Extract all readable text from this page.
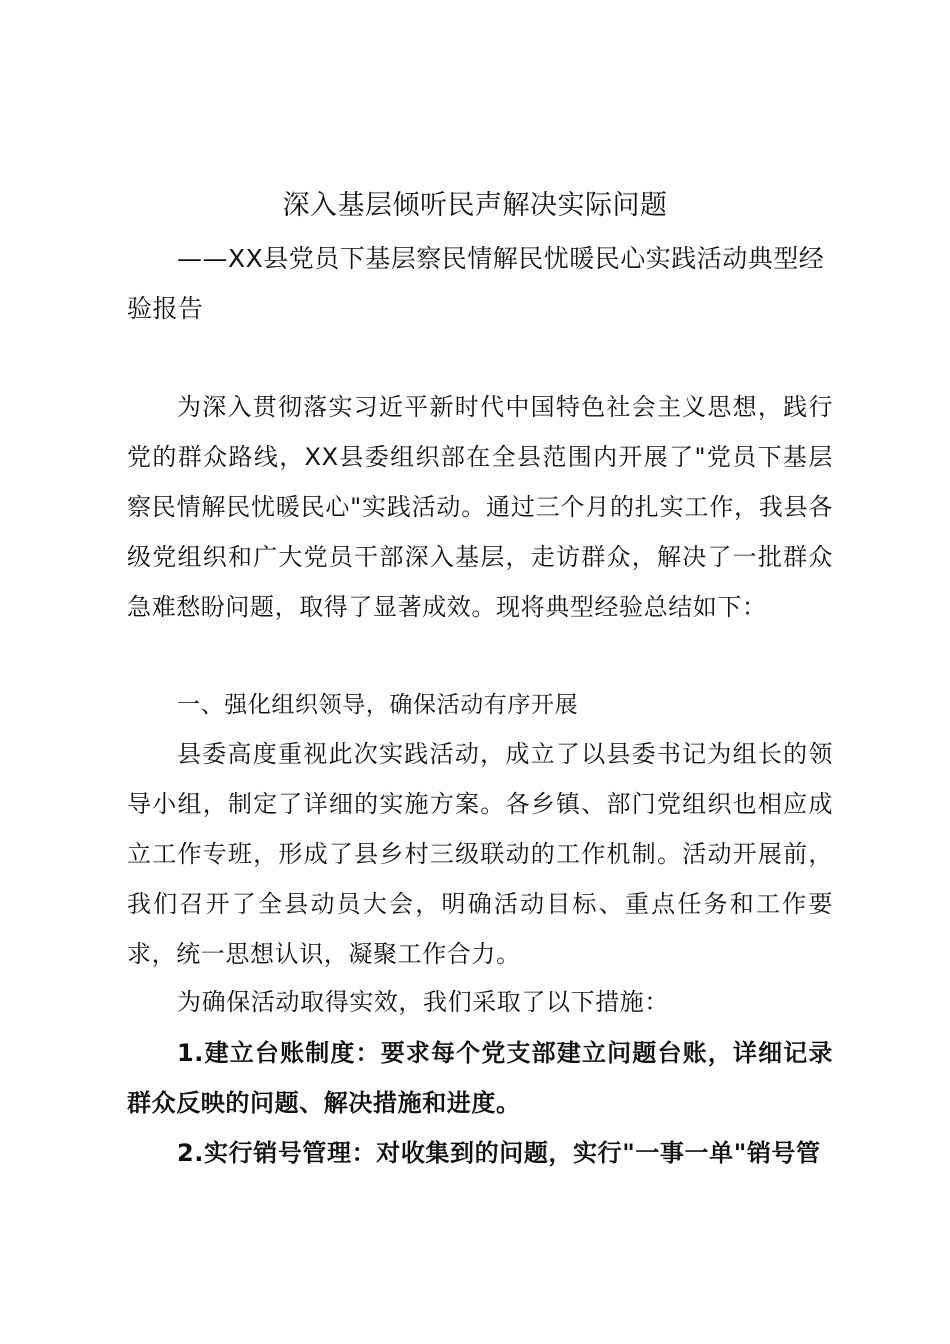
深入基层倾听民声解决实际问题

——XX县党员下基层察民情解民忧暖民心实践活动典型经验报告

为深入贯彻落实习近平新时代中国特色社会主义思想，践行党的群众路线，XX县委组织部在全县范围内开展了"党员下基层察民情解民忧暖民心"实践活动。通过三个月的扎实工作，我县各级党组织和广大党员干部深入基层，走访群众，解决了一批群众急难愁盼问题，取得了显著成效。现将典型经验总结如下：

一、强化组织领导，确保活动有序开展

县委高度重视此次实践活动，成立了以县委书记为组长的领导小组，制定了详细的实施方案。各乡镇、部门党组织也相应成立工作专班，形成了县乡村三级联动的工作机制。活动开展前，我们召开了全县动员大会，明确活动目标、重点任务和工作要求，统一思想认识，凝聚工作合力。

为确保活动取得实效，我们采取了以下措施：

1.建立台账制度：要求每个党支部建立问题台账，详细记录群众反映的问题、解决措施和进度。

2.实行销号管理：对收集到的问题，实行"一事一单"销号管
